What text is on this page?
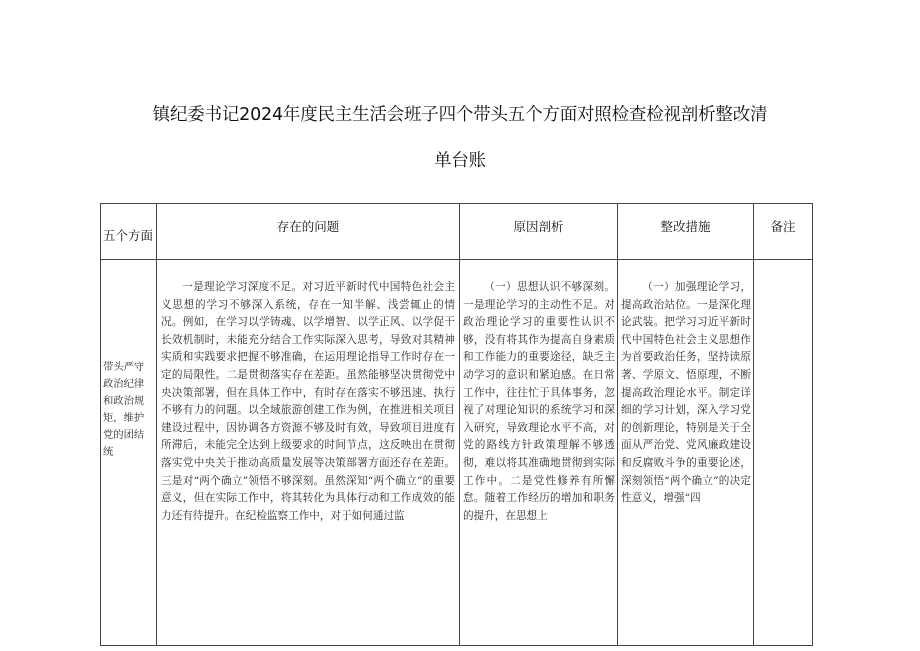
镇纪委书记2024年度民主生活会班子四个带头五个方面对照检查检视剖析整改清
单台账
五个方面	存在的问题	原因剖析	整改措施	备注

带头严守政治纪律和政治规矩，维护党的团结统	一是理论学习深度不足。对习近平新时代中国特色社会主义思想的学习不够深入系统，存在一知半解、浅尝辄止的情况。例如，在学习以学铸魂、以学增智、以学正风、以学促干长效机制时，未能充分结合工作实际深入思考，导致对其精神实质和实践要求把握不够准确，在运用理论指导工作时存在一定的局限性。二是贯彻落实存在差距。虽然能够坚决贯彻党中央决策部署，但在具体工作中，有时存在落实不够迅速、执行不够有力的问题。以全域旅游创建工作为例，在推进相关项目建设过程中，因协调各方资源不够及时有效，导致项目进度有所滞后，未能完全达到上级要求的时间节点，这反映出在贯彻落实党中央关于推动高质量发展等决策部署方面还存在差距。三是对“两个确立”领悟不够深刻。虽然深知“两个确立”的重要意义，但在实际工作中，将其转化为具体行动和工作成效的能力还有待提升。在纪检监察工作中，对于如何通过监	（一）思想认识不够深刻。一是理论学习的主动性不足。对政治理论学习的重要性认识不够，没有将其作为提高自身素质和工作能力的重要途径，缺乏主动学习的意识和紧迫感。在日常工作中，往往忙于具体事务，忽视了对理论知识的系统学习和深入研究，导致理论水平不高，对党的路线方针政策理解不够透彻，难以将其准确地贯彻到实际工作中。二是党性修养有所懈怠。随着工作经历的增加和职务的提升，在思想上	（一）加强理论学习，提高政治站位。一是深化理论武装。把学习习近平新时代中国特色社会主义思想作为首要政治任务，坚持读原著、学原文、悟原理，不断提高政治理论水平。制定详细的学习计划，深入学习党的创新理论，特别是关于全面从严治党、党风廉政建设和反腐败斗争的重要论述，深刻领悟“两个确立”的决定性意义，增强“四	
